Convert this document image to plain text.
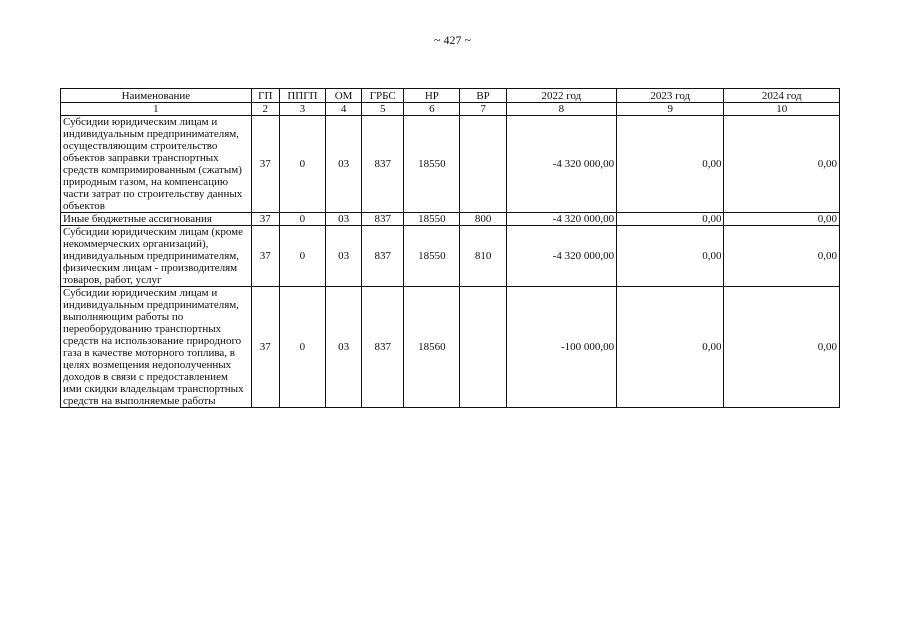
~ 427 ~
Наименование	ГП	ППГП	ОМ	ГРБС	НР	ВР	2022 год	2023 год	2024 год
1	2	3	4	5	6	7	8	9	10
Субсидии юридическим лицам и индивидуальным предпринимателям, осуществляющим строительство объектов заправки транспортных средств компримированным (сжатым) природным газом, на компенсацию части затрат по строительству данных объектов	37	0	03	837	18550		-4 320 000,00	0,00	0,00
Иные бюджетные ассигнования	37	0	03	837	18550	800	-4 320 000,00	0,00	0,00
Субсидии юридическим лицам (кроме некоммерческих организаций), индивидуальным предпринимателям, физическим лицам - производителям товаров, работ, услуг	37	0	03	837	18550	810	-4 320 000,00	0,00	0,00
Субсидии юридическим лицам и индивидуальным предпринимателям, выполняющим работы по переоборудованию транспортных средств на использование природного газа в качестве моторного топлива, в целях возмещения недополученных доходов в связи с предоставлением ими скидки владельцам транспортных средств на выполняемые работы	37	0	03	837	18560		-100 000,00	0,00	0,00
